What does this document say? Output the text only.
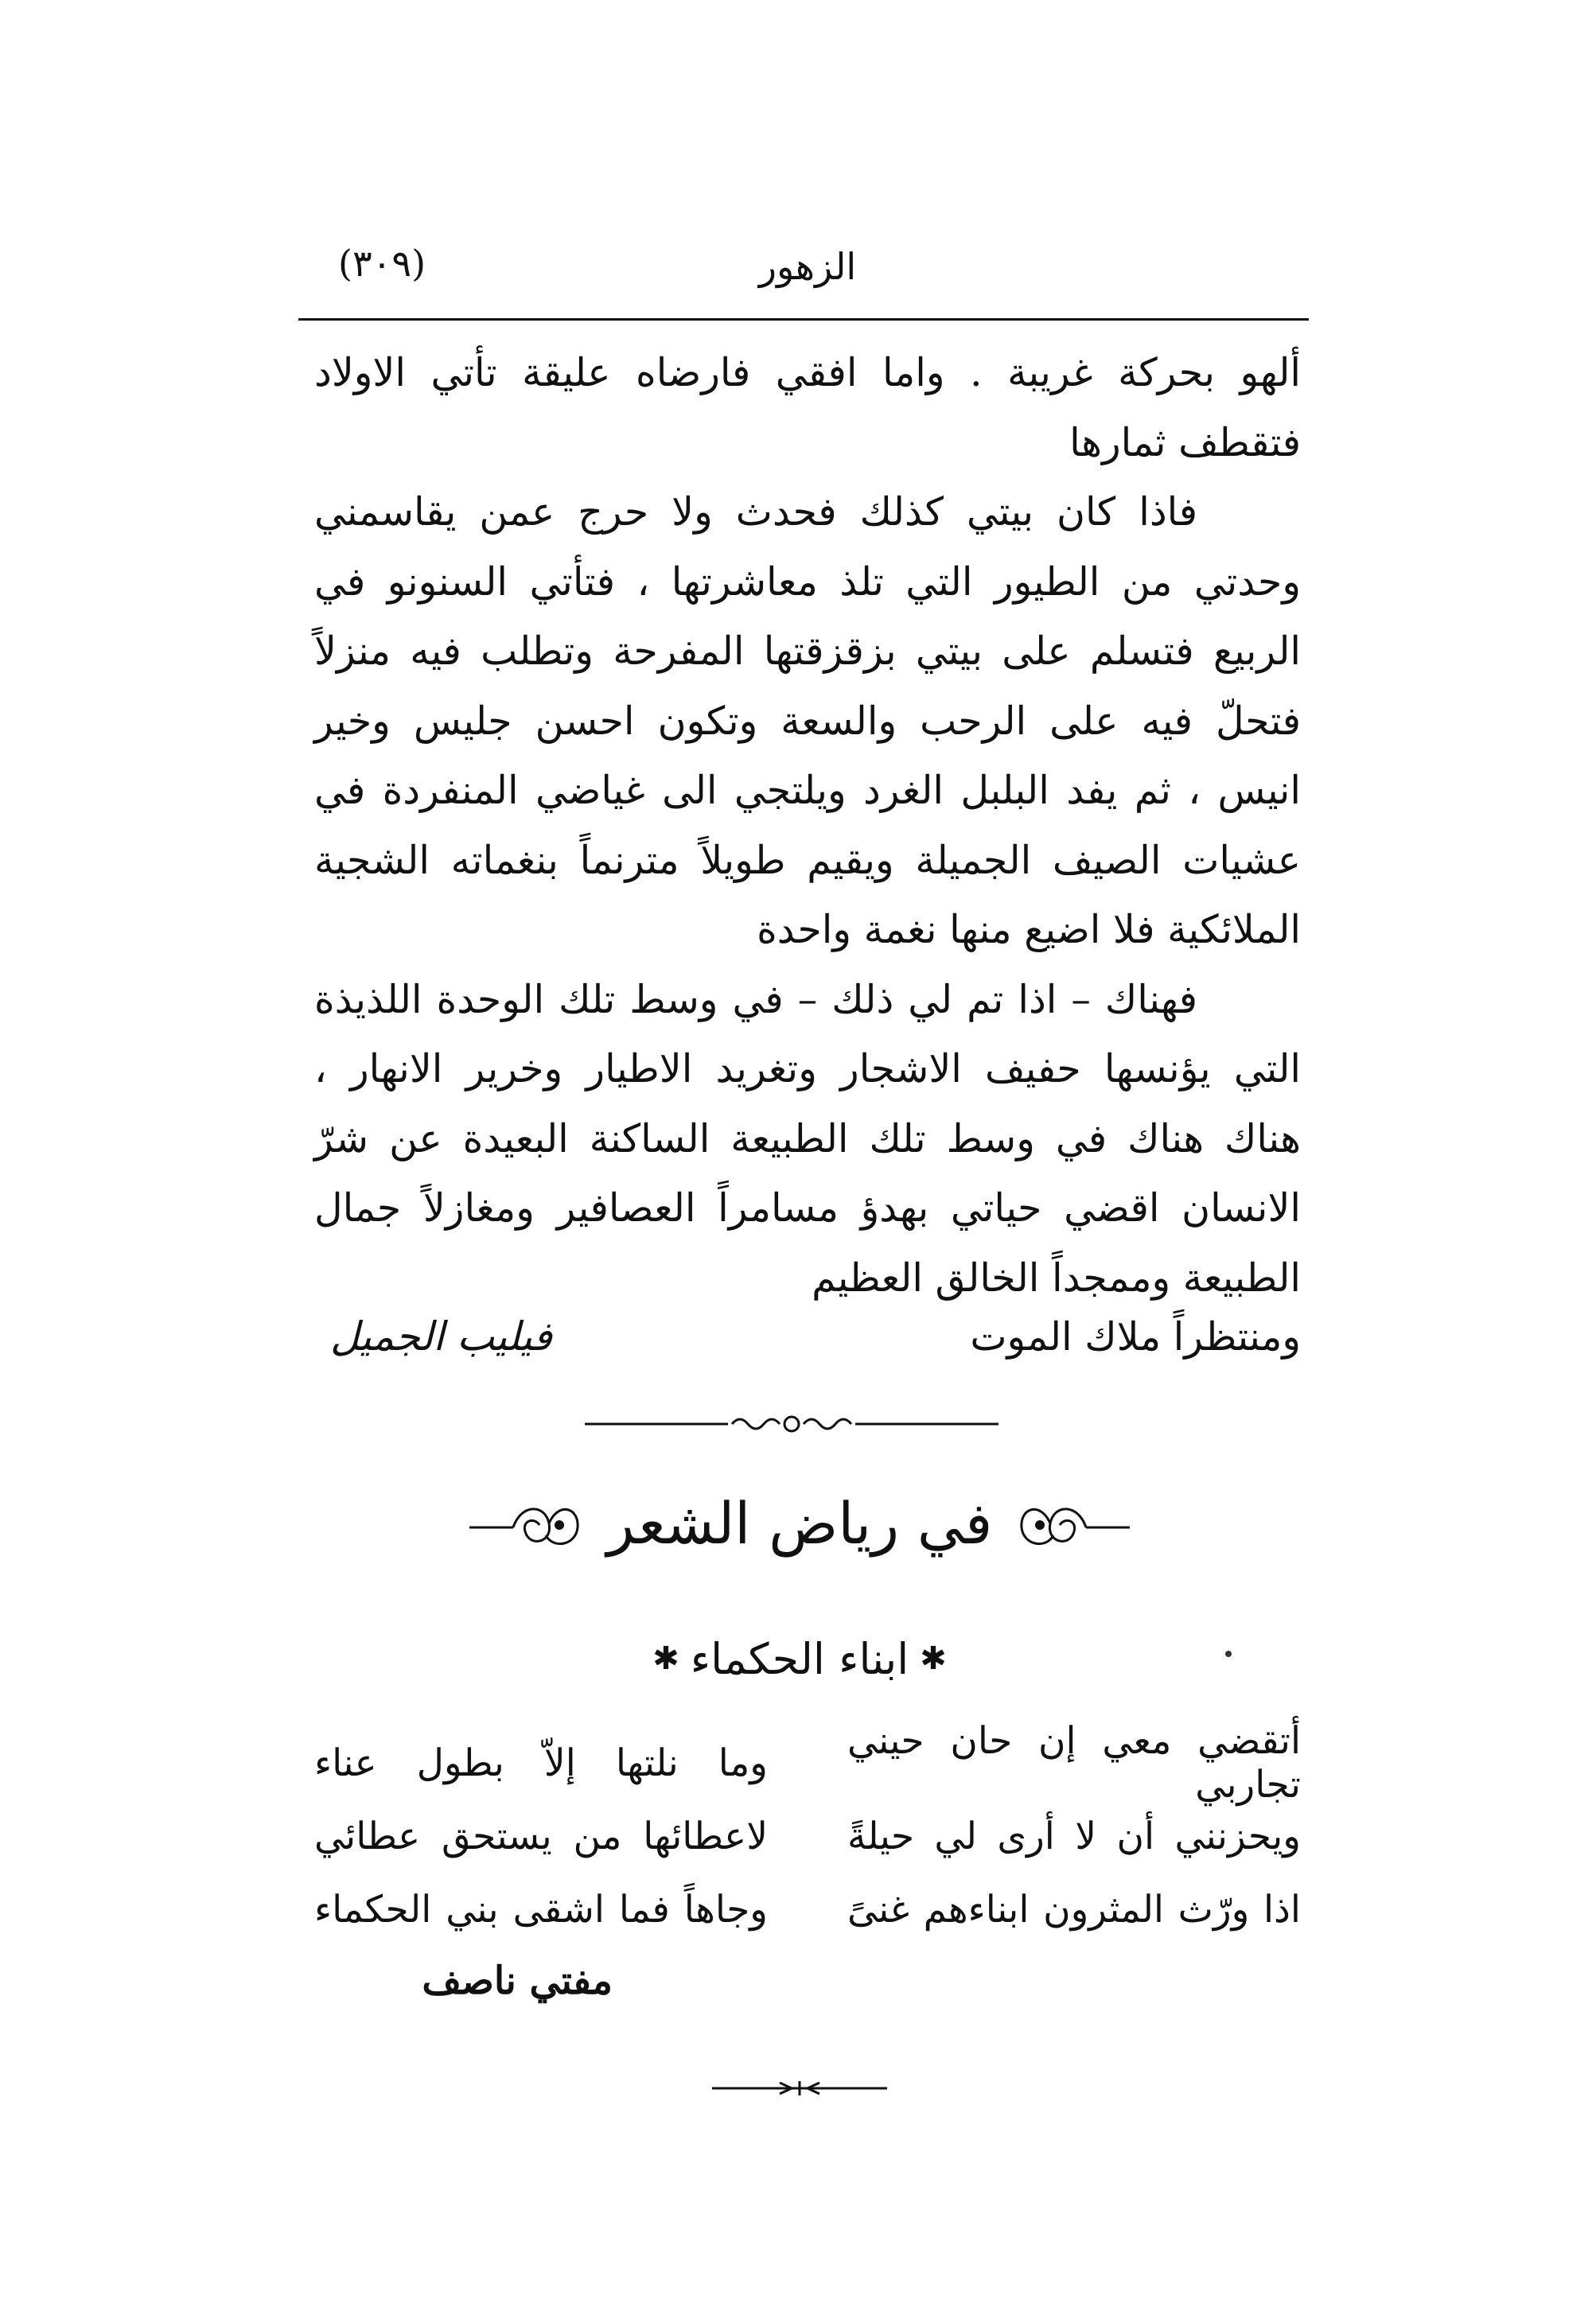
الزهور
(٣٠٩)

ألهو بحركة غريبة . واما افقي فارضاه عليقة تأتي الاولاد فتقطف ثمارها

فاذا كان بيتي كذلك فحدث ولا حرج عمن يقاسمني وحدتي من الطيور التي تلذ معاشرتها ، فتأتي السنونو في الربيع فتسلم على بيتي بزقزقتها المفرحة وتطلب فيه منزلاً فتحلّ فيه على الرحب والسعة وتكون احسن جليس وخير انيس ، ثم يفد البلبل الغرد ويلتجي الى غياضي المنفردة في عشيات الصيف الجميلة ويقيم طويلاً مترنماً بنغماته الشجية الملائكية فلا اضيع منها نغمة واحدة

فهناك – اذا تم لي ذلك – في وسط تلك الوحدة اللذيذة التي يؤنسها حفيف الاشجار وتغريد الاطيار وخرير الانهار ، هناك هناك في وسط تلك الطبيعة الساكنة البعيدة عن شرّ الانسان اقضي حياتي بهدؤ مسامراً العصافير ومغازلاً جمال الطبيعة وممجداً الخالق العظيم

ومنتظراً ملاك الموت
فيليب الجميل
في رياض الشعر
✱
ابناء الحكماء
✱
أتقضي معي إن حان حيني تجاربي
وما نلتها إلاّ بطول عناء
ويحزنني أن لا أرى لي حيلةً
لاعطائها من يستحق عطائي
اذا ورّث المثرون ابناءهم غنىً
وجاهاً فما اشقى بني الحكماء
مفتي ناصف
